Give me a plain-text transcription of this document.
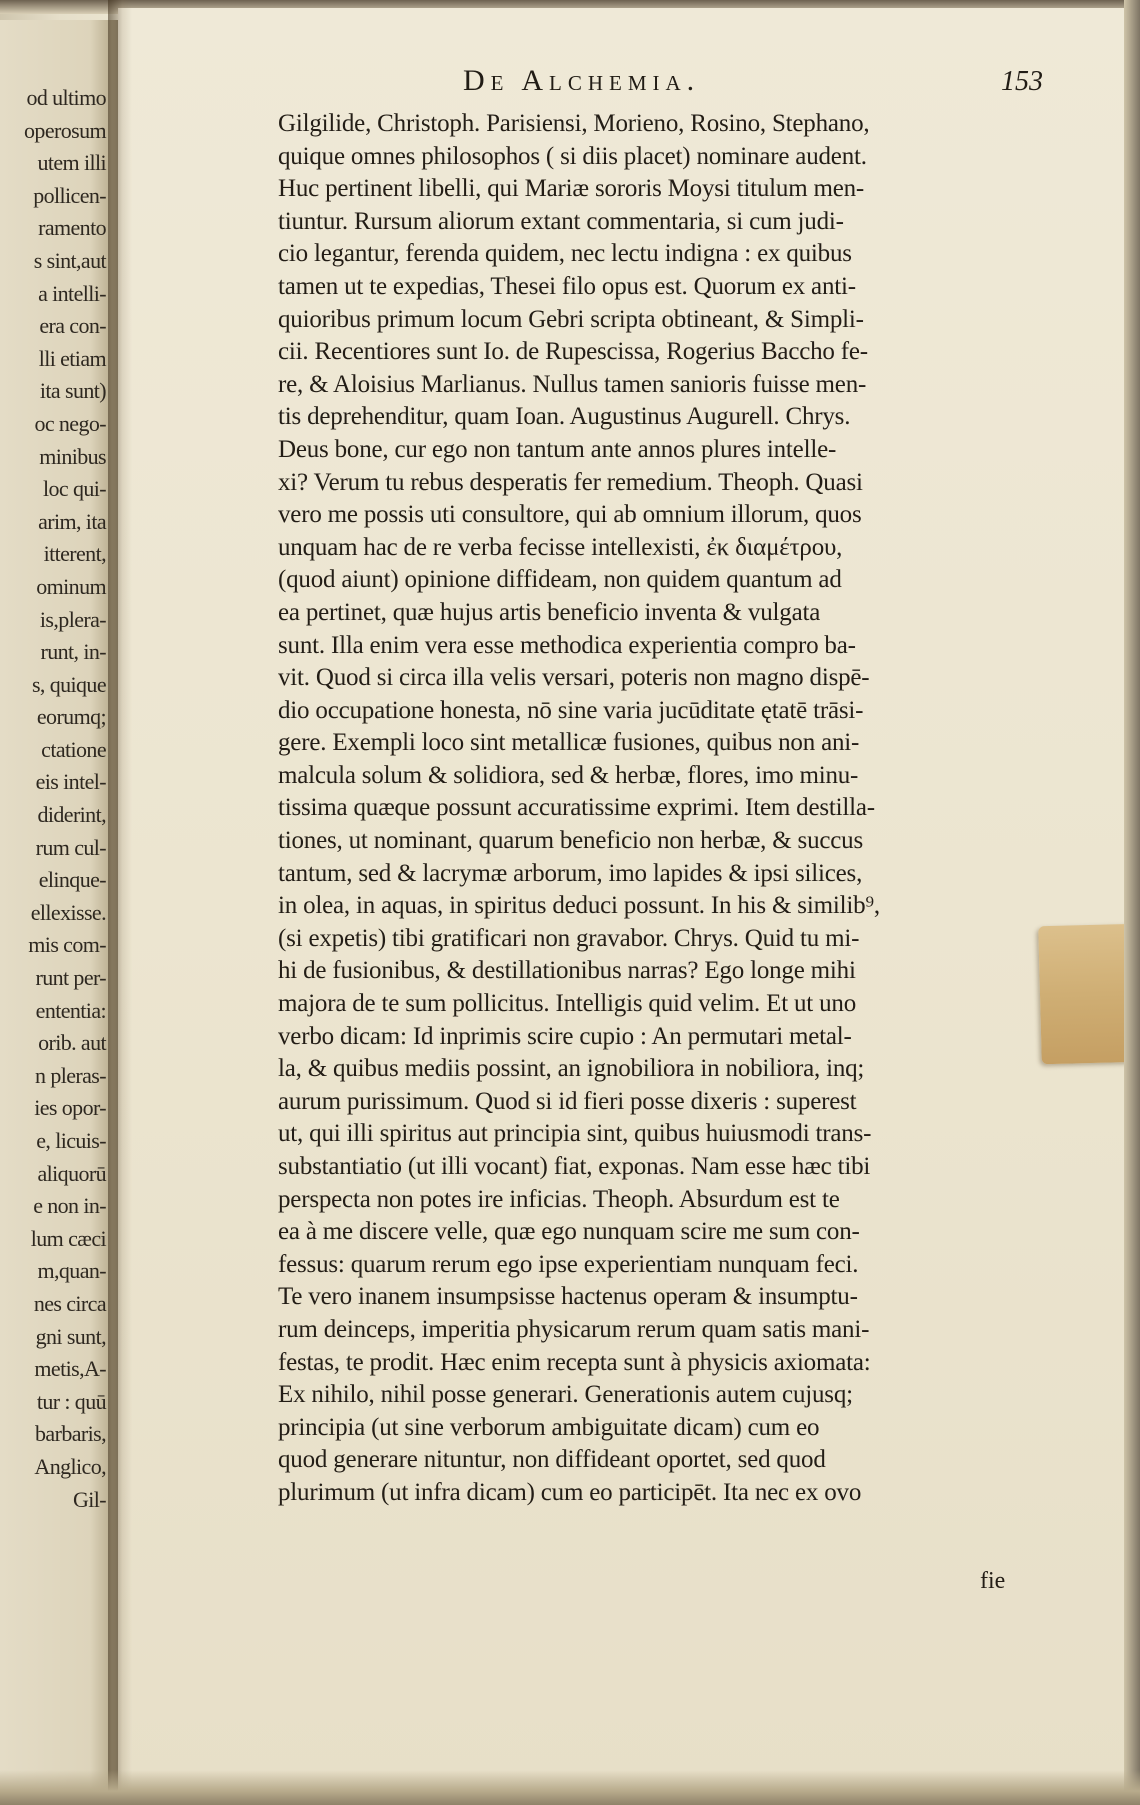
od ultimo
operosum
utem illi
pollicen-
ramento
s sint,aut
a intelli-
era con-
lli etiam
ita sunt)
oc nego-
minibus
loc qui-
arim, ita
itterent,
ominum
is,plera-
runt, in-
s, quique
eorumq;
ctatione
eis intel-
diderint,
rum cul-
elinque-
ellexisse.
mis com-
runt per-
ententia:
orib. aut
n pleras-
ies opor-
e, licuis-
aliquorū
e non in-
lum cæci
m,quan-
nes circa
gni sunt,
metis,A-
tur : quū
barbaris,
Anglico,
Gil-
De Alchemia.	153
Gilgilide, Christoph. Parisiensi, Morieno, Rosino, Stephano,
quique omnes philosophos ( si diis placet) nominare audent.
Huc pertinent libelli, qui Mariæ sororis Moysi titulum men-
tiuntur. Rursum aliorum extant commentaria, si cum judi-
cio legantur, ferenda quidem, nec lectu indigna : ex quibus
tamen ut te expedias, Thesei filo opus est. Quorum ex anti-
quioribus primum locum Gebri scripta obtineant, & Simpli-
cii. Recentiores sunt Io. de Rupescissa, Rogerius Baccho fe-
re, & Aloisius Marlianus. Nullus tamen sanioris fuisse men-
tis deprehenditur, quam Ioan. Augustinus Augurell. Chrys.
Deus bone, cur ego non tantum ante annos plures intelle-
xi? Verum tu rebus desperatis fer remedium. Theoph. Quasi
vero me possis uti consultore, qui ab omnium illorum, quos
unquam hac de re verba fecisse intellexisti, ἐκ διαμέτρου,
(quod aiunt) opinione diffideam, non quidem quantum ad
ea pertinet, quæ hujus artis beneficio inventa & vulgata
sunt. Illa enim vera esse methodica experientia compro ba-
vit. Quod si circa illa velis versari, poteris non magno dispē-
dio occupatione honesta, nō sine varia jucūditate ętatē trāsi-
gere. Exempli loco sint metallicæ fusiones, quibus non ani-
malcula solum & solidiora, sed & herbæ, flores, imo minu-
tissima quæque possunt accuratissime exprimi. Item destilla-
tiones, ut nominant, quarum beneficio non herbæ, & succus
tantum, sed & lacrymæ arborum, imo lapides & ipsi silices,
in olea, in aquas, in spiritus deduci possunt. In his & similib⁹,
(si expetis) tibi gratificari non gravabor. Chrys. Quid tu mi-
hi de fusionibus, & destillationibus narras? Ego longe mihi
majora de te sum pollicitus. Intelligis quid velim. Et ut uno
verbo dicam: Id inprimis scire cupio : An permutari metal-
la, & quibus mediis possint, an ignobiliora in nobiliora, inq;
aurum purissimum. Quod si id fieri posse dixeris : superest
ut, qui illi spiritus aut principia sint, quibus huiusmodi trans-
substantiatio (ut illi vocant) fiat, exponas. Nam esse hæc tibi
perspecta non potes ire inficias. Theoph. Absurdum est te
ea à me discere velle, quæ ego nunquam scire me sum con-
fessus: quarum rerum ego ipse experientiam nunquam feci.
Te vero inanem insumpsisse hactenus operam & insumptu-
rum deinceps, imperitia physicarum rerum quam satis mani-
festas, te prodit. Hæc enim recepta sunt à physicis axiomata:
Ex nihilo, nihil posse generari. Generationis autem cujusq;
principia (ut sine verborum ambiguitate dicam) cum eo
quod generare nituntur, non diffideant oportet, sed quod
plurimum (ut infra dicam) cum eo participēt. Ita nec ex ovo
fie
